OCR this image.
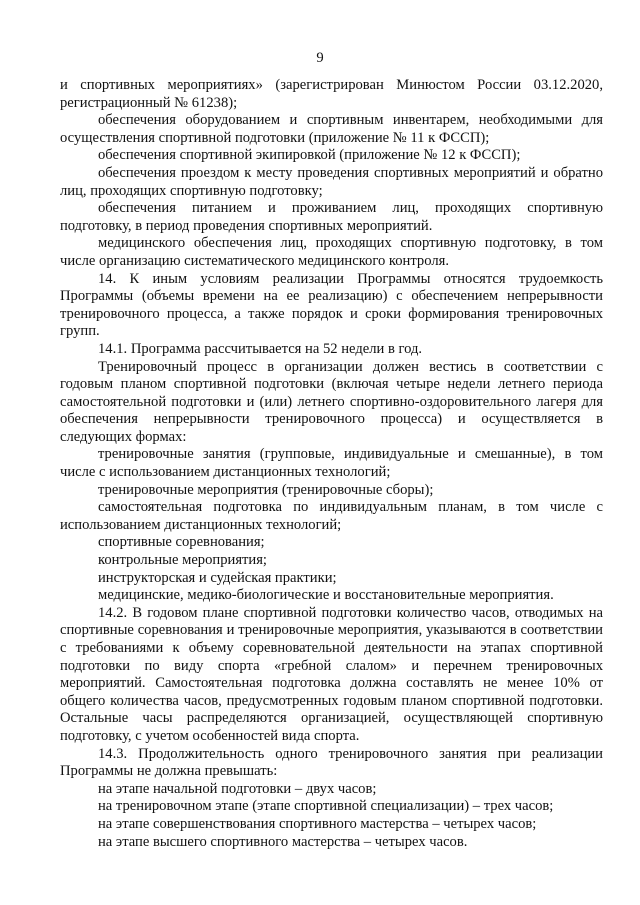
9

и спортивных мероприятиях» (зарегистрирован Минюстом России 03.12.2020, регистрационный № 61238);

обеспечения оборудованием и спортивным инвентарем, необходимыми для осуществления спортивной подготовки (приложение № 11 к ФССП);

обеспечения спортивной экипировкой (приложение № 12 к ФССП);

обеспечения проездом к месту проведения спортивных мероприятий и обратно лиц, проходящих спортивную подготовку;

обеспечения питанием и проживанием лиц, проходящих спортивную подготовку, в период проведения спортивных мероприятий.

медицинского обеспечения лиц, проходящих спортивную подготовку, в том числе организацию систематического медицинского контроля.

14. К иным условиям реализации Программы относятся трудоемкость Программы (объемы времени на ее реализацию) с обеспечением непрерывности тренировочного процесса, а также порядок и сроки формирования тренировочных групп.

14.1. Программа рассчитывается на 52 недели в год.

Тренировочный процесс в организации должен вестись в соответствии с годовым планом спортивной подготовки (включая четыре недели летнего периода самостоятельной подготовки и (или) летнего спортивно-оздоровительного лагеря для обеспечения непрерывности тренировочного процесса) и осуществляется в следующих формах:

тренировочные занятия (групповые, индивидуальные и смешанные), в том числе с использованием дистанционных технологий;

тренировочные мероприятия (тренировочные сборы);

самостоятельная подготовка по индивидуальным планам, в том числе с использованием дистанционных технологий;

спортивные соревнования;

контрольные мероприятия;

инструкторская и судейская практики;

медицинские, медико-биологические и восстановительные мероприятия.

14.2. В годовом плане спортивной подготовки количество часов, отводимых на спортивные соревнования и тренировочные мероприятия, указываются в соответствии с требованиями к объему соревновательной деятельности на этапах спортивной подготовки по виду спорта «гребной слалом» и перечнем тренировочных мероприятий. Самостоятельная подготовка должна составлять не менее 10% от общего количества часов, предусмотренных годовым планом спортивной подготовки. Остальные часы распределяются организацией, осуществляющей спортивную подготовку, с учетом особенностей вида спорта.

14.3. Продолжительность одного тренировочного занятия при реализации Программы не должна превышать:

на этапе начальной подготовки – двух часов;

на тренировочном этапе (этапе спортивной специализации) – трех часов;

на этапе совершенствования спортивного мастерства – четырех часов;

на этапе высшего спортивного мастерства – четырех часов.
